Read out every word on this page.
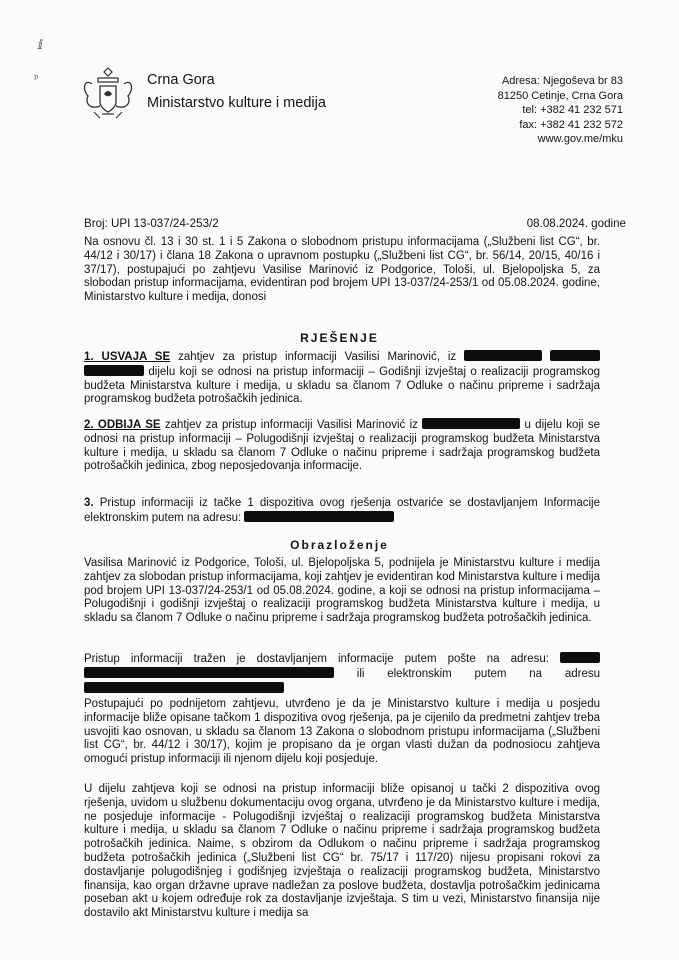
ⅈ
ᵖ	Crna Gora
Ministarstvo kulture i medija
Adresa: Njegoševa br 83
81250 Cetinje, Crna Gora
tel: +382 41 232 571
fax: +382 41 232 572
www.gov.me/mku
Broj: UPI 13-037/24-253/2	08.08.2024. godine
Na osnovu čl. 13 i 30 st. 1 i 5 Zakona o slobodnom pristupu informacijama („Službeni list CG“, br. 44/12 i 30/17) i člana 18 Zakona o upravnom postupku („Službeni list CG“, br. 56/14, 20/15, 40/16 i 37/17), postupajući po zahtjevu Vasilise Marinović iz Podgorice, Tološi, ul. Bjelopoljska 5, za slobodan pristup informacijama, evidentiran pod brojem UPI 13-037/24-253/1 od 05.08.2024. godine, Ministarstvo kulture i medija, donosi
RJEŠENJE
1. USVAJA SE zahtjev za pristup informaciji Vasilisi Marinović, iz    dijelu koji se odnosi na pristup informaciji – Godišnji izvještaj o realizaciji programskog budžeta Ministarstva kulture i medija, u skladu sa članom 7 Odluke o načinu pripreme i sadržaja programskog budžeta potrošačkih jedinica.
2. ODBIJA SE zahtjev za pristup informaciji Vasilisi Marinović iz	u dijelu koji se odnosi na pristup informaciji – Polugodišnji izvještaj o realizaciji programskog budžeta Ministarstva kulture i medija, u skladu sa članom 7 Odluke o načinu pripreme i sadržaja programskog budžeta potrošačkih jedinica, zbog neposjedovanja informacije.
3. Pristup informaciji iz tačke 1 dispozitiva ovog rješenja ostvariće se dostavljanjem Informacije elektronskim putem na adresu:
Obrazloženje
Vasilisa Marinović iz Podgorice, Tološi, ul. Bjelopoljska 5, podnijela je Ministarstvu kulture i medija zahtjev za slobodan pristup informacijama, koji zahtjev je evidentiran kod Ministarstva kulture i medija pod brojem UPI 13-037/24-253/1 od 05.08.2024. godine, a koji se odnosi na pristup informacijama – Polugodišnji i godišnji izvještaj o realizaciji programskog budžeta Ministarstva kulture i medija, u skladu sa članom 7 Odluke o načinu pripreme i sadržaja programskog budžeta potrošačkih jedinica.
Pristup informaciji tražen je dostavljanjem informacije putem pošte na adresu:   ili elektronskim putem na adresu
Postupajući po podnijetom zahtjevu, utvrđeno je da je Ministarstvo kulture i medija u posjedu informacije bliže opisane tačkom 1 dispozitiva ovog rješenja, pa je cijenilo da predmetni zahtjev treba usvojiti kao osnovan, u skladu sa članom 13 Zakona o slobodnom pristupu informacijama („Službeni list CG“, br. 44/12 i 30/17), kojim je propisano da je organ vlasti dužan da podnosiocu zahtjeva omogući pristup informaciji ili njenom dijelu koji posjeduje.
U dijelu zahtjeva koji se odnosi na pristup informaciji bliže opisanoj u tački 2 dispozitiva ovog rješenja, uvidom u službenu dokumentaciju ovog organa, utvrđeno je da Ministarstvo kulture i medija, ne posjeduje informacije - Polugodišnji izvještaj o realizaciji programskog budžeta Ministarstva kulture i medija, u skladu sa članom 7 Odluke o načinu pripreme i sadržaja programskog budžeta potrošačkih jedinica. Naime, s obzirom da Odlukom o načinu pripreme i sadržaja programskog budžeta potrošačkih jedinica („Službeni list CG“ br. 75/17 i 117/20) nijesu propisani rokovi za dostavljanje polugodišnjeg i godišnjeg izvještaja o realizaciji programskog budžeta, Ministarstvo finansija, kao organ državne uprave nadležan za poslove budžeta, dostavlja potrošačkim jedinicama poseban akt u kojem određuje rok za dostavljanje izvještaja. S tim u vezi, Ministarstvo finansija nije dostavilo akt Ministarstvu kulture i medija sa
